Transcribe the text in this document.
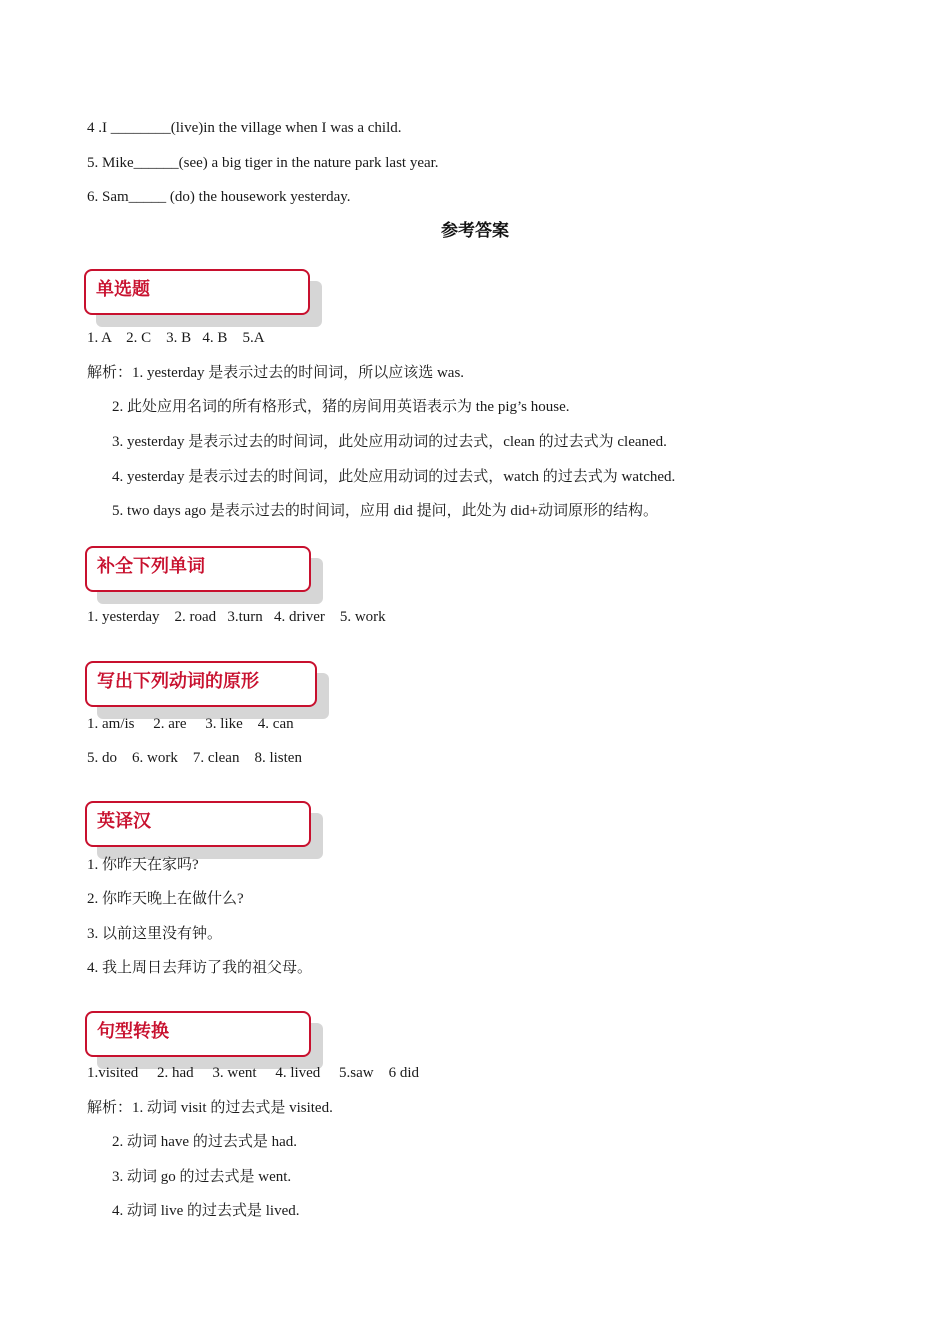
4 .I ________(live)in the village when I was a child.
5. Mike______(see) a big tiger in the nature park last year.
6. Sam_____ (do) the housework yesterday.
参考答案
单选题
1. A    2. C    3. B   4. B    5.A
解析：1. yesterday 是表示过去的时间词，所以应该选 was.
2. 此处应用名词的所有格形式，猪的房间用英语表示为 the pig’s house.
3. yesterday 是表示过去的时间词，此处应用动词的过去式，clean 的过去式为 cleaned.
4. yesterday 是表示过去的时间词，此处应用动词的过去式，watch 的过去式为 watched.
5. two days ago 是表示过去的时间词，应用 did 提问，此处为 did+动词原形的结构。
补全下列单词
1. yesterday    2. road   3.turn   4. driver    5. work
写出下列动词的原形
1. am/is     2. are     3. like    4. can
5. do    6. work    7. clean    8. listen
英译汉
1. 你昨天在家吗?
2. 你昨天晚上在做什么?
3. 以前这里没有钟。
4. 我上周日去拜访了我的祖父母。
句型转换
1.visited     2. had     3. went     4. lived     5.saw    6 did
解析：1. 动词 visit 的过去式是 visited.
2. 动词 have 的过去式是 had.
3. 动词 go 的过去式是 went.
4. 动词 live 的过去式是 lived.
